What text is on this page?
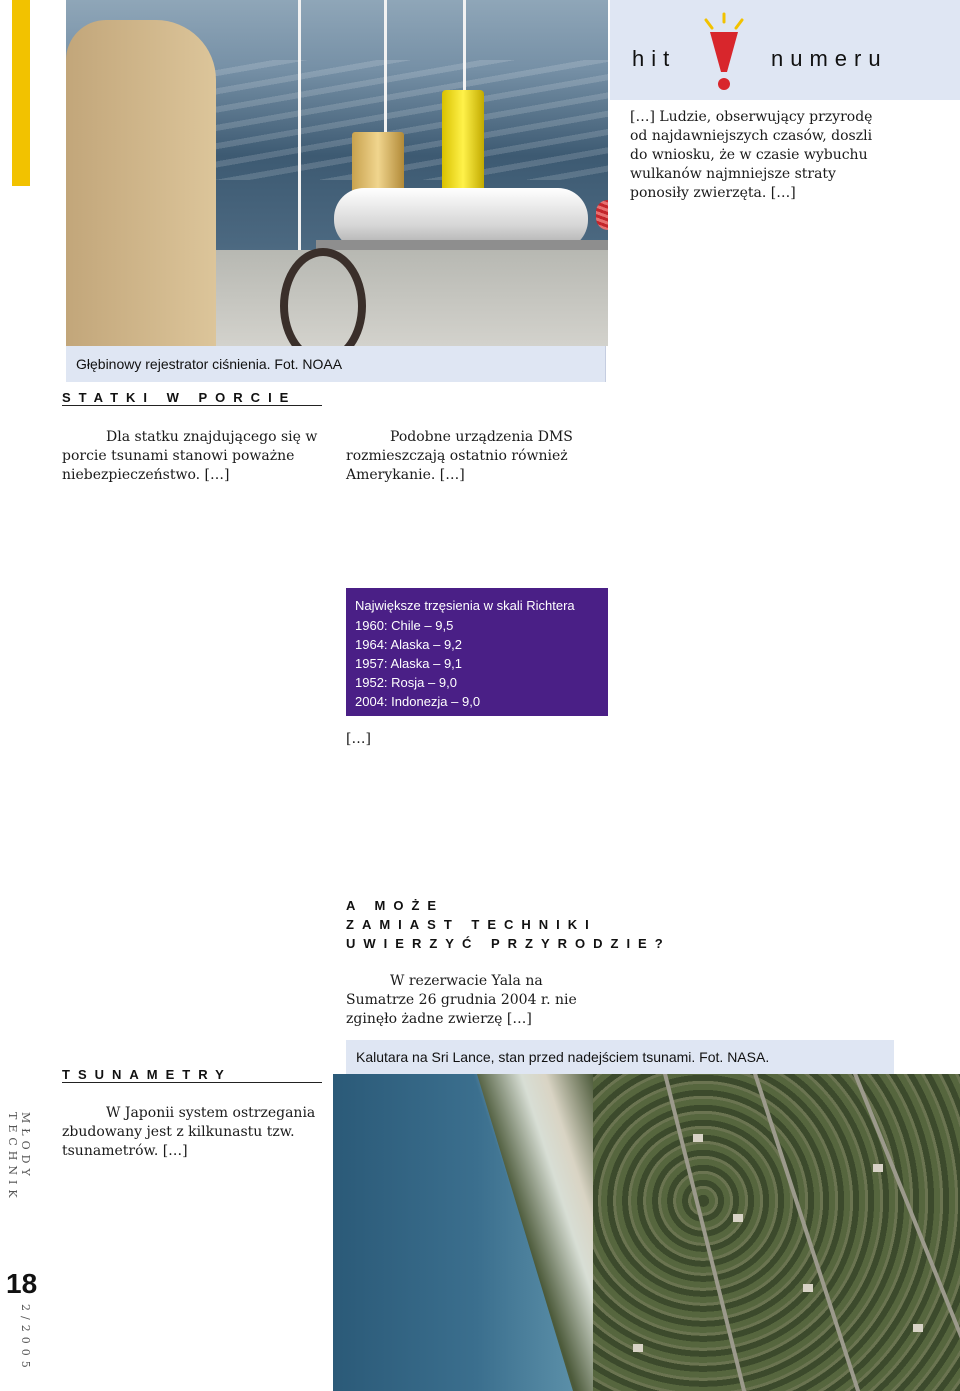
MŁODY TECHNIK
18
2/2005
Głębinowy rejestrator ciśnienia. Fot. NOAA
hit	numeru
STATKI W PORCIE

Dla statku znajdującego się w porcie tsunami stanowi poważne niebezpieczeństwo. […]

TSUNAMETRY

W Japonii system ostrzegania zbudowany jest z kilkunastu tzw. tsunametrów. […]

Podobne urządzenia DMS rozmieszczają ostatnio również Amerykanie. […]

Największe trzęsienia w skali Richtera
1960: Chile – 9,5
1964: Alaska – 9,2
1957: Alaska – 9,1
1952: Rosja – 9,0
2004: Indonezja – 9,0

[…]

A MOŻE
ZAMIAST TECHNIKI
UWIERZYĆ PRZYRODZIE?

W rezerwacie Yala na Sumatrze 26 grudnia 2004 r. nie zginęło żadne zwierzę […]

[…] Ludzie, obserwujący przyrodę od najdawniejszych czasów, doszli do wniosku, że w czasie wybuchu wulkanów najmniejsze straty ponosiły zwierzęta. […]

Kalutara na Sri Lance, stan przed nadejściem tsunami. Fot. NASA.
